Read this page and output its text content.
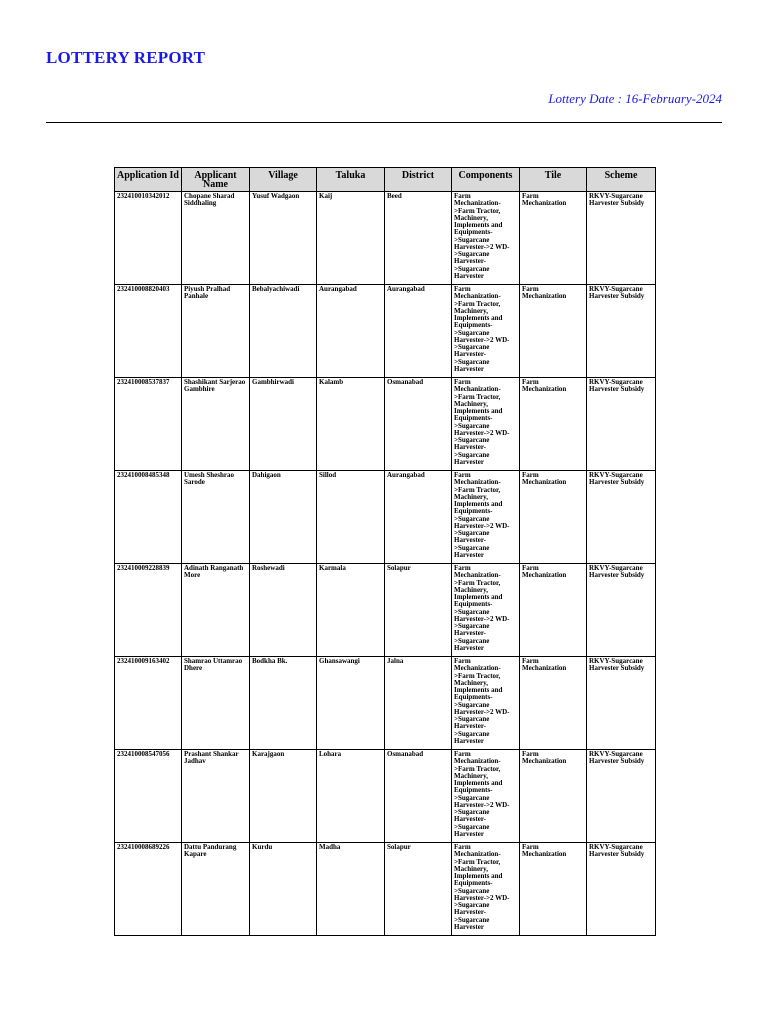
LOTTERY REPORT
Lottery Date : 16-February-2024
Application Id	Applicant Name	Village	Taluka	District	Components	Tile	Scheme
232410010342012	Chopane Sharad Siddhaling	Yusuf Wadgaon	Kaij	Beed	Farm Mechanization->Farm Tractor, Machinery, Implements and Equipments->Sugarcane Harvester->2 WD->Sugarcane Harvester->Sugarcane Harvester	Farm Mechanization	RKVY-Sugarcane Harvester Subsidy
232410008820403	Piyush Pralhad Panhale	Bebalyachiwadi	Aurangabad	Aurangabad	Farm Mechanization->Farm Tractor, Machinery, Implements and Equipments->Sugarcane Harvester->2 WD->Sugarcane Harvester->Sugarcane Harvester	Farm Mechanization	RKVY-Sugarcane Harvester Subsidy
232410008537837	Shashikant Sarjerao Gambhire	Gambhirwadi	Kalamb	Osmanabad	Farm Mechanization->Farm Tractor, Machinery, Implements and Equipments->Sugarcane Harvester->2 WD->Sugarcane Harvester->Sugarcane Harvester	Farm Mechanization	RKVY-Sugarcane Harvester Subsidy
232410008485348	Umesh Sheshrao Sarode	Dahigaon	Sillod	Aurangabad	Farm Mechanization->Farm Tractor, Machinery, Implements and Equipments->Sugarcane Harvester->2 WD->Sugarcane Harvester->Sugarcane Harvester	Farm Mechanization	RKVY-Sugarcane Harvester Subsidy
232410009228839	Adinath Ranganath More	Roshewadi	Karmala	Solapur	Farm Mechanization->Farm Tractor, Machinery, Implements and Equipments->Sugarcane Harvester->2 WD->Sugarcane Harvester->Sugarcane Harvester	Farm Mechanization	RKVY-Sugarcane Harvester Subsidy
232410009163402	Shamrao Uttamrao Dhere	Bodkha Bk.	Ghansawangi	Jalna	Farm Mechanization->Farm Tractor, Machinery, Implements and Equipments->Sugarcane Harvester->2 WD->Sugarcane Harvester->Sugarcane Harvester	Farm Mechanization	RKVY-Sugarcane Harvester Subsidy
232410008547056	Prashant Shankar Jadhav	Karajgaon	Lohara	Osmanabad	Farm Mechanization->Farm Tractor, Machinery, Implements and Equipments->Sugarcane Harvester->2 WD->Sugarcane Harvester->Sugarcane Harvester	Farm Mechanization	RKVY-Sugarcane Harvester Subsidy
232410008689226	Dattu Pandurang Kapare	Kurdu	Madha	Solapur	Farm Mechanization->Farm Tractor, Machinery, Implements and Equipments->Sugarcane Harvester->2 WD->Sugarcane Harvester->Sugarcane Harvester	Farm Mechanization	RKVY-Sugarcane Harvester Subsidy
